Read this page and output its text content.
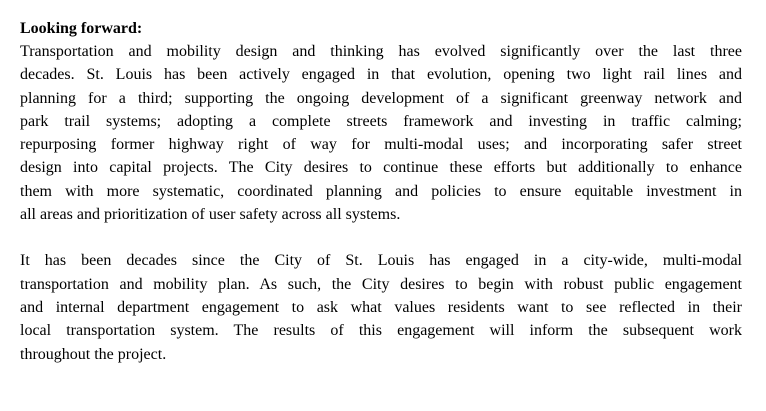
Looking forward:
Transportation and mobility design and thinking has evolved significantly over the last three
decades. St. Louis has been actively engaged in that evolution, opening two light rail lines and
planning for a third; supporting the ongoing development of a significant greenway network and
park trail systems; adopting a complete streets framework and investing in traffic calming;
repurposing former highway right of way for multi-modal uses; and incorporating safer street
design into capital projects. The City desires to continue these efforts but additionally to enhance
them with more systematic, coordinated planning and policies to ensure equitable investment in
all areas and prioritization of user safety across all systems.
It has been decades since the City of St. Louis has engaged in a city-wide, multi-modal
transportation and mobility plan. As such, the City desires to begin with robust public engagement
and internal department engagement to ask what values residents want to see reflected in their
local transportation system. The results of this engagement will inform the subsequent work
throughout the project.
